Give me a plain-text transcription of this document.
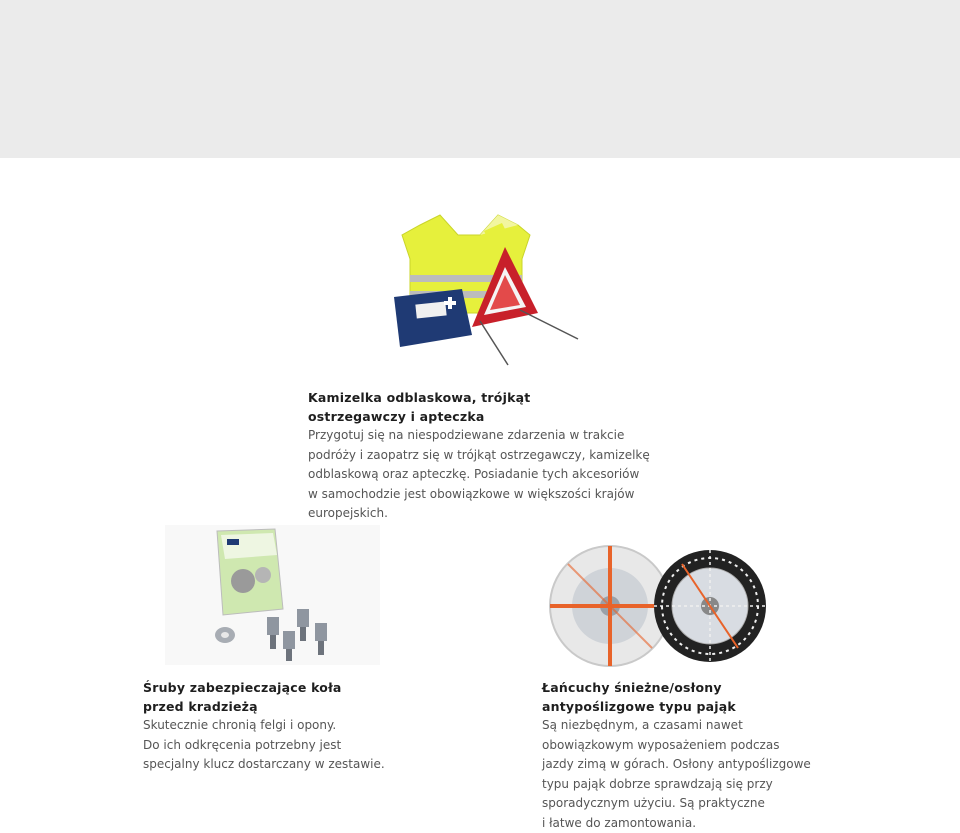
Kamizelka odblaskowa, trójkąt
ostrzegawczy i apteczka

Przygotuj się na niespodziewane zdarzenia w trakcie
podróży i zaopatrz się w trójkąt ostrzegawczy, kamizelkę
odblaskową oraz apteczkę. Posiadanie tych akcesoriów
w samochodzie jest obowiązkowe w większości krajów
europejskich.

Śruby zabezpieczające koła
przed kradzieżą

Skutecznie chronią felgi i opony.
Do ich odkręcenia potrzebny jest
specjalny klucz dostarczany w zestawie.

Łańcuchy śnieżne/osłony
antypoślizgowe typu pająk

Są niezbędnym, a czasami nawet
obowiązkowym wyposażeniem podczas
jazdy zimą w górach. Osłony antypoślizgowe
typu pająk dobrze sprawdzają się przy
sporadycznym użyciu. Są praktyczne
i łatwe do zamontowania.
